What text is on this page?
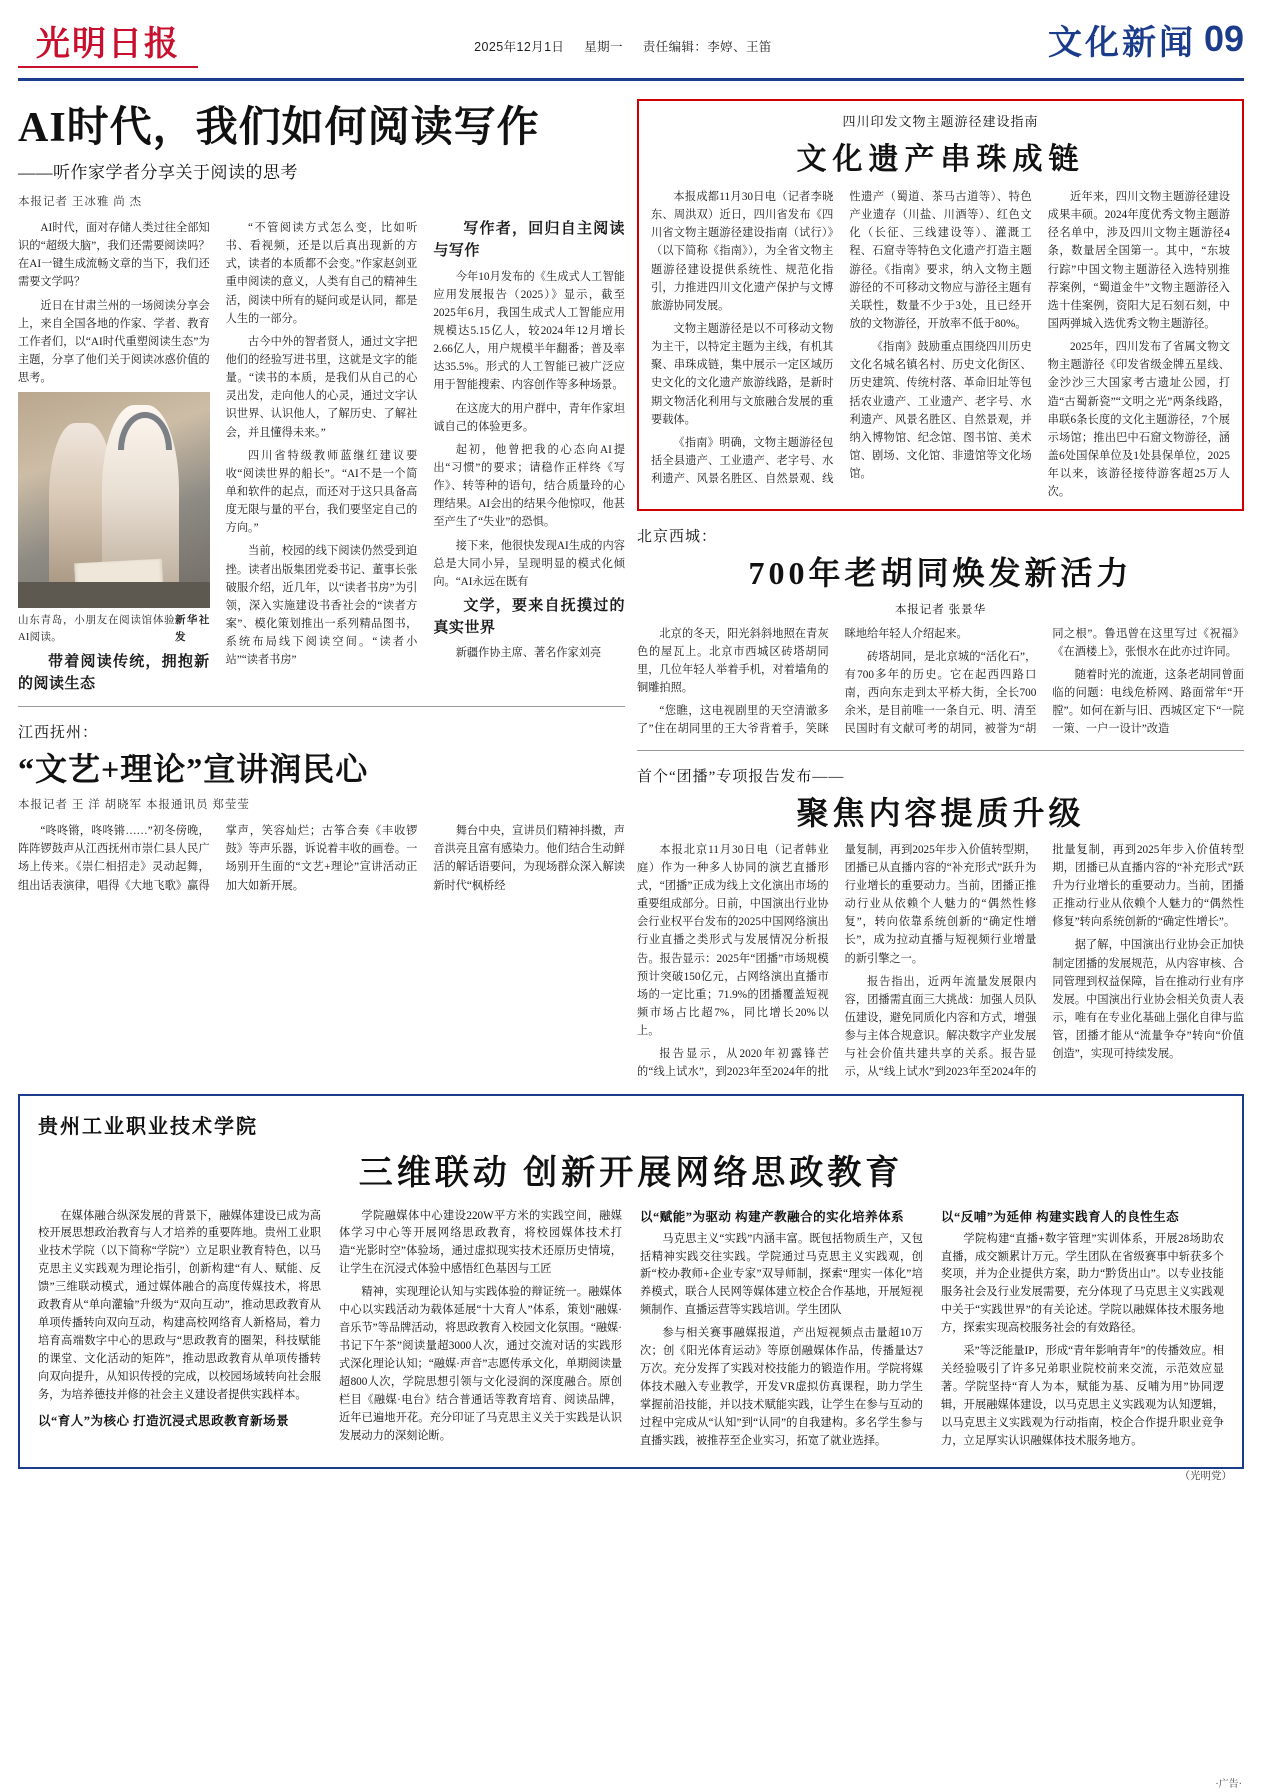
光明日报	2025年12月1日 星期一 责任编辑：李婷、王笛	文化新闻 09
AI时代，我们如何阅读写作
——听作家学者分享关于阅读的思考
本报记者 王冰雅 尚 杰

AI时代，面对存储人类过往全部知识的“超级大脑”，我们还需要阅读吗？在AI一键生成流畅文章的当下，我们还需要文学吗？

近日在甘肃兰州的一场阅读分享会上，来自全国各地的作家、学者、教育工作者们，以“AI时代重塑阅读生态”为主题，分享了他们关于阅读冰惑价值的思考。

山东青岛，小朋友在阅读馆体验AI阅读。
新华社发

带着阅读传统，拥抱新的阅读生态

“不管阅读方式怎么变，比如听书、看视频，还是以后真出现新的方式，读者的本质都不会变。”作家赵剑亚重申阅读的意义，人类有自己的精神生活，阅读中所有的疑问或是认同，都是人生的一部分。

古今中外的智者贤人，通过文字把他们的经验写进书里，这就是文字的能量。“读书的本质，是我们从自己的心灵出发，走向他人的心灵，通过文字认识世界、认识他人，了解历史、了解社会，并且懂得未来。”

四川省特级教师蓝继红建议要收“阅读世界的船长”。“AI不是一个简单和软件的起点，而还对于这只具备高度无限与量的平台，我们要坚定自己的方向。”

当前，校园的线下阅读仍然受到迫挫。读者出版集团党委书记、董事长张破服介绍，近几年，以“读者书房”为引领，深入实施建设书香社会的“读者方案”、模化策划推出一系列精品图书，系统布局线下阅读空间。“读者小站”“读者书房”

写作者，回归自主阅读与写作

今年10月发布的《生成式人工智能应用发展报告（2025）》显示，截至2025年6月，我国生成式人工智能应用规模达5.15亿人，较2024年12月增长2.66亿人，用户规模半年翻番；普及率达35.5%。形式的人工智能已被广泛应用于智能搜索、内容创作等多种场景。

在这庞大的用户群中，青年作家坦诚自己的体验更多。

起初，他曾把我的心态向AI提出“习惯”的要求；请稳作正样终《写作》、转等种的语句，结合质量玲的心理结果。AI会出的结果今他惊叹，他甚至产生了“失业”的恐惧。

接下来，他很快发现AI生成的内容总是大同小异，呈现明显的模式化倾向。“AI永远在既有

文学，要来自抚摸过的真实世界

新疆作协主席、著名作家刘亮

江西抚州：
“文艺+理论”宣讲润民心
本报记者 王 洋 胡晓军 本报通讯员 郑莹莹

“咚咚锵，咚咚锵……”初冬傍晚，阵阵锣鼓声从江西抚州市崇仁县人民广场上传来。《崇仁相招走》灵动起舞，组出话表演律，唱得《大地飞歌》赢得掌声，笑容灿烂；古筝合奏《丰收锣鼓》等声乐器，诉说着丰收的画卷。一场别开生面的“文艺+理论”宣讲活动正加大如新开展。

舞台中央，宣讲员们精神抖擞，声音洪亮且富有感染力。他们结合生动鲜活的解话语要问，为现场群众深入解读新时代“枫桥经

四川印发文物主题游径建设指南
文化遗产串珠成链

本报成都11月30日电（记者李晓东、周洪双）近日，四川省发布《四川省文物主题游径建设指南（试行）》（以下简称《指南》），为全省文物主题游径建设提供系统性、规范化指引，力推进四川文化遗产保护与文博旅游协同发展。

文物主题游径是以不可移动文物为主干，以特定主题为主线，有机其聚、串珠成链，集中展示一定区域历史文化的文化遗产旅游线路，是新时期文物活化利用与文旅融合发展的重要载体。

《指南》明确，文物主题游径包括全县遗产、工业遗产、老字号、水利遗产、风景名胜区、自然景观、线性遗产（蜀道、茶马古道等）、特色产业遗存（川盐、川酒等）、红色文化（长征、三线建设等）、灌溉工程、石窟寺等特色文化遗产打造主题游径。《指南》要求，纳入文物主题游径的不可移动文物应与游径主题有关联性，数量不少于3处，且已经开放的文物游径，开放率不低于80%。

《指南》鼓励重点围绕四川历史文化名城名镇名村、历史文化街区、历史建筑、传统村落、革命旧址等包括农业遗产、工业遗产、老字号、水利遗产、风景名胜区、自然景观，并纳入博物馆、纪念馆、图书馆、美术馆、剧场、文化馆、非遗馆等文化场馆。

近年来，四川文物主题游径建设成果丰硕。2024年度优秀文物主题游径名单中，涉及四川文物主题游径4条，数量居全国第一。其中，“东坡行踪”中国文物主题游径入选特别推荐案例，“蜀道金牛”文物主题游径入选十佳案例，资阳大足石刻石刻，中国两弹城入选优秀文物主题游径。

2025年，四川发布了省属文物文物主题游径《印发省级金牌五星线、金沙沙三大国家考古遗址公园，打造“古蜀新瓷”“文明之光”两条线路，串联6条长度的文化主题游径，7个展示场馆；推出巴中石窟文物游径，涵盖6处国保单位及1处县保单位，2025年以来，该游径接待游客超25万人次。

北京西城：
700年老胡同焕发新活力
本报记者 张景华

北京的冬天，阳光斜斜地照在青灰色的屋瓦上。北京市西城区砖塔胡同里，几位年轻人举着手机，对着墙角的铜雕拍照。

“您瞧，这电视剧里的天空清澈多了”住在胡同里的王大爷背着手，笑眯眯地给年轻人介绍起来。

砖塔胡同，是北京城的“活化石”，有700多年的历史。它在起西四路口南，西向东走到太平桥大街，全长700余米，是目前唯一一条自元、明、清至民国时有文献可考的胡同，被誉为“胡同之根”。鲁迅曾在这里写过《祝福》《在酒楼上》，张恨水在此亦过许同。

随着时光的流逝，这条老胡同曾面临的问题：电线危桥网、路面常年“开膛”。如何在新与旧、西城区定下“一院一策、一户一设计”改造

首个“团播”专项报告发布——
聚焦内容提质升级

本报北京11月30日电（记者韩业庭）作为一种多人协同的演艺直播形式，“团播”正成为线上文化演出市场的重要组成部分。日前，中国演出行业协会行业权平台发布的2025中国网络演出行业直播之类形式与发展情况分析报告。报告显示：2025年“团播”市场规模预计突破150亿元，占网络演出直播市场的一定比重；71.9%的团播覆盖短视频市场占比超7%，同比增长20%以上。

报告显示，从2020年初露锋芒的“线上试水”，到2023年至2024年的批量复制，再到2025年步入价值转型期，团播已从直播内容的“补充形式”跃升为行业增长的重要动力。当前，团播正推动行业从依赖个人魅力的“偶然性修复”，转向依靠系统创新的“确定性增长”，成为拉动直播与短视频行业增量的新引擎之一。

报告指出，近两年流量发展限内容，团播需直面三大挑战：加强人员队伍建设，避免同质化内容和方式，增强参与主体合规意识。解决数字产业发展与社会价值共建共享的关系。报告显示，从“线上试水”到2023年至2024年的批量复制，再到2025年步入价值转型期，团播已从直播内容的“补充形式”跃升为行业增长的重要动力。当前，团播正推动行业从依赖个人魅力的“偶然性修复”转向系统创新的“确定性增长”。

据了解，中国演出行业协会正加快制定团播的发展规范，从内容审核、合同管理到权益保障，旨在推动行业有序发展。中国演出行业协会相关负责人表示，唯有在专业化基础上强化自律与监管，团播才能从“流量争夺”转向“价值创造”，实现可持续发展。

贵州工业职业技术学院
三维联动 创新开展网络思政教育

在媒体融合纵深发展的背景下，融媒体建设已成为高校开展思想政治教育与人才培养的重要阵地。贵州工业职业技术学院（以下简称“学院”）立足职业教育特色，以马克思主义实践观为理论指引，创新构建“有人、赋能、反馈”三维联动模式，通过媒体融合的高度传媒技术，将思政教育从“单向灌输”升级为“双向互动”，推动思政教育从单项传播转向双向互动，构建高校网络育人新格局，着力培育高端数字中心的思政与“思政教育的圈架，科技赋能的课堂、文化活动的矩阵”，推动思政教育从单项传播转向双向提升，从知识传授的完成，以校园场域转向社会服务，为培养德技并修的社会主义建设者提供实践样本。

以“育人”为核心 打造沉浸式思政教育新场景

学院融媒体中心建设220W平方米的实践空间，融媒体学习中心等开展网络思政教育，将校园媒体技术打造“光影时空”体验场，通过虚拟现实技术还原历史情境，让学生在沉浸式体验中感悟红色基因与工匠

精神，实现理论认知与实践体验的辩证统一。融媒体中心以实践活动为载体延展“十大育人”体系，策划“融媒·音乐节”等品牌活动，将思政教育入校园文化氛围。“融媒·书记下午茶”阅读量超3000人次，通过交流对话的实践形式深化理论认知；“融媒·声音”志愿传承文化，单期阅读量超800人次，学院思想引领与文化浸润的深度融合。原创栏目《融媒·电台》结合普通话等教育培育、阅读品牌，近年已遍地开花。充分印证了马克思主义关于实践是认识发展动力的深刻论断。

以“赋能”为驱动 构建产教融合的实化培养体系

马克思主义“实践”内涵丰富。既包括物质生产，又包括精神实践交往实践。学院通过马克思主义实践观，创新“校办教师+企业专家”双导师制，探索“理实一体化”培养模式，联合人民网等媒体建立校企合作基地，开展短视频制作、直播运营等实践培训。学生团队

参与相关赛事融媒报道，产出短视频点击量超10万次；创《阳光体育运动》等原创融媒体作品，传播量达7万次。充分发挥了实践对校技能力的锻造作用。学院将媒体技术融入专业教学，开发VR虚拟仿真课程，助力学生掌握前沿技能，并以技术赋能实践，让学生在参与互动的过程中完成从“认知”到“认同”的自我建构。多名学生参与直播实践，被推荐至企业实习，拓宽了就业选择。

以“反哺”为延伸 构建实践育人的良性生态

学院构建“直播+数字管理”实训体系，开展28场助农直播，成交额累计万元。学生团队在省级赛事中斩获多个奖项，并为企业提供方案，助力“黔货出山”。以专业技能服务社会及行业发展需要，充分体现了马克思主义实践观中关于“实践世界”的有关论述。学院以融媒体技术服务地方，探索实现高校服务社会的有效路径。

采”等泛能量IP，形成“青年影响青年”的传播效应。相关经验吸引了许多兄弟职业院校前来交流，示范效应显著。学院坚持“育人为本，赋能为基、反哺为用”协同逻辑，开展融媒体建设，以马克思主义实践观为认知逻辑，以马克思主义实践观为行动指南，校企合作提升职业竞争力，立足厚实认识融媒体技术服务地方。

（光明党）
·广告·
